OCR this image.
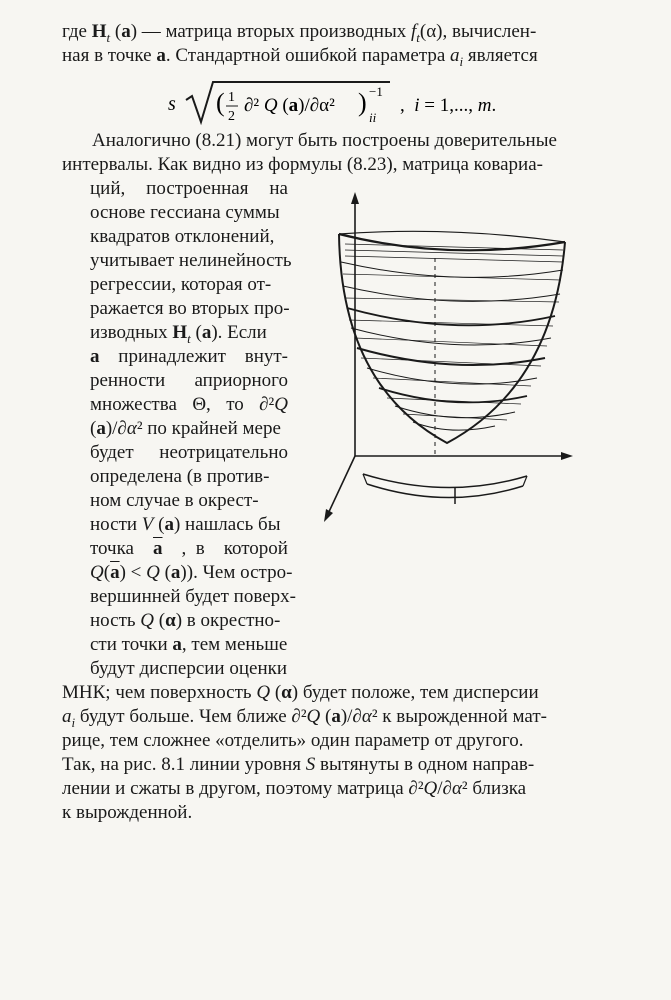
где $H_t$ (a) — матрица вторых производных $f_t(\alpha)$, вычислен-
ная в точке a. Стандартной ошибкой параметра $a_i$ является
s ( 1
2
∂² Q (a)/∂α² ) −1
ii
,  i = 1,..., m.
Аналогично (8.21) могут быть построены доверительные
интервалы. Как видно из формулы (8.23), матрица ковариа-
ций, построенная на
основе гессиана суммы
квадратов отклонений,
учитывает нелинейность
регрессии, которая от-
ражается во вторых про-
изводных $H_t$ (a). Если
a принадлежит внут-
ренности априорного
множества Θ, то ∂²Q
(a)/∂α² по крайней мере
будет неотрицательно
определена (в против-
ном случае в окрест-
ности V (a) нашлась бы
точка $\overline{a}$ ,  в которой
$Q(\overline{a}) < Q$ (a)). Чем остро-
вершинней будет поверх-
ность Q (α) в окрестно-
сти точки a, тем меньше
будут дисперсии оценки
МНК; чем поверхность Q (α) будет положе, тем дисперсии
$a_i$ будут больше. Чем ближе ∂²Q (a)/∂α² к вырожденной мат-
рице, тем сложнее «отделить» один параметр от другого.
Так, на рис. 8.1 линии уровня S вытянуты в одном направ-
лении и сжаты в другом, поэтому матрица ∂²Q/∂α² близка
к вырожденной.
